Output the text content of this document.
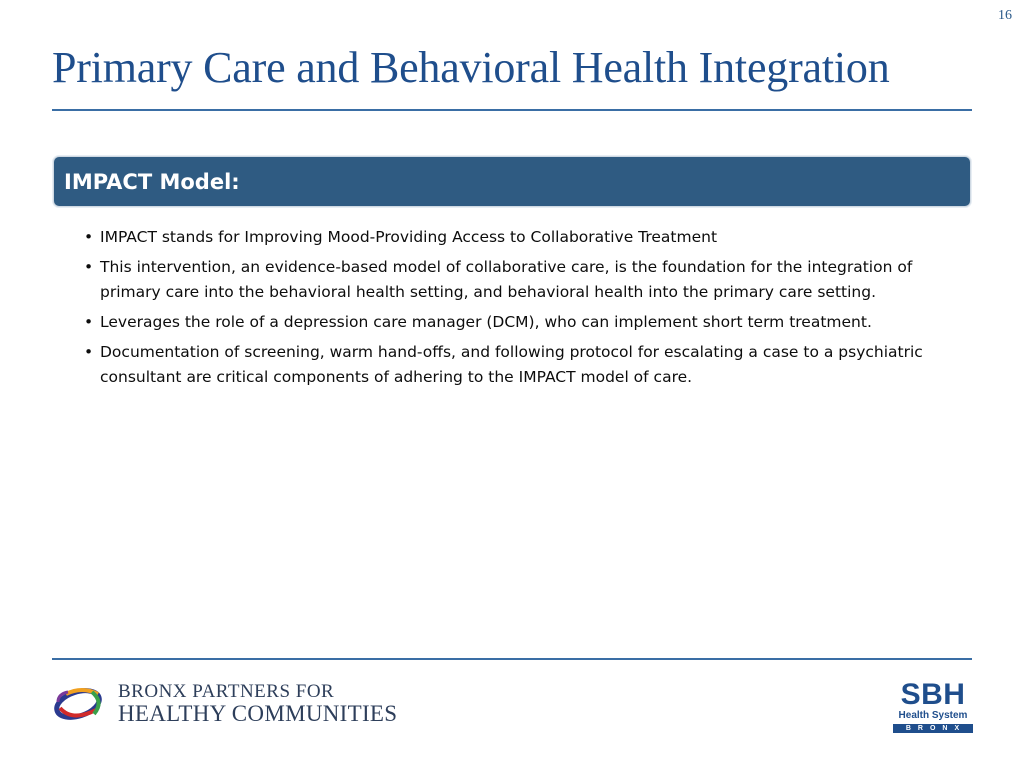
16
Primary Care and Behavioral Health Integration
IMPACT Model:
• IMPACT stands for Improving Mood-Providing Access to Collaborative Treatment
• This intervention, an evidence-based model of collaborative care, is the foundation for the integration of primary care into the behavioral health setting, and behavioral health into the primary care setting.
• Leverages the role of a depression care manager (DCM), who can implement short term treatment.
• Documentation of screening, warm hand-offs, and following protocol for escalating a case to a psychiatric consultant are critical components of adhering to the IMPACT model of care.
BRONX PARTNERS FOR
HEALTHY COMMUNITIES
SBH
Health System
BRONX
